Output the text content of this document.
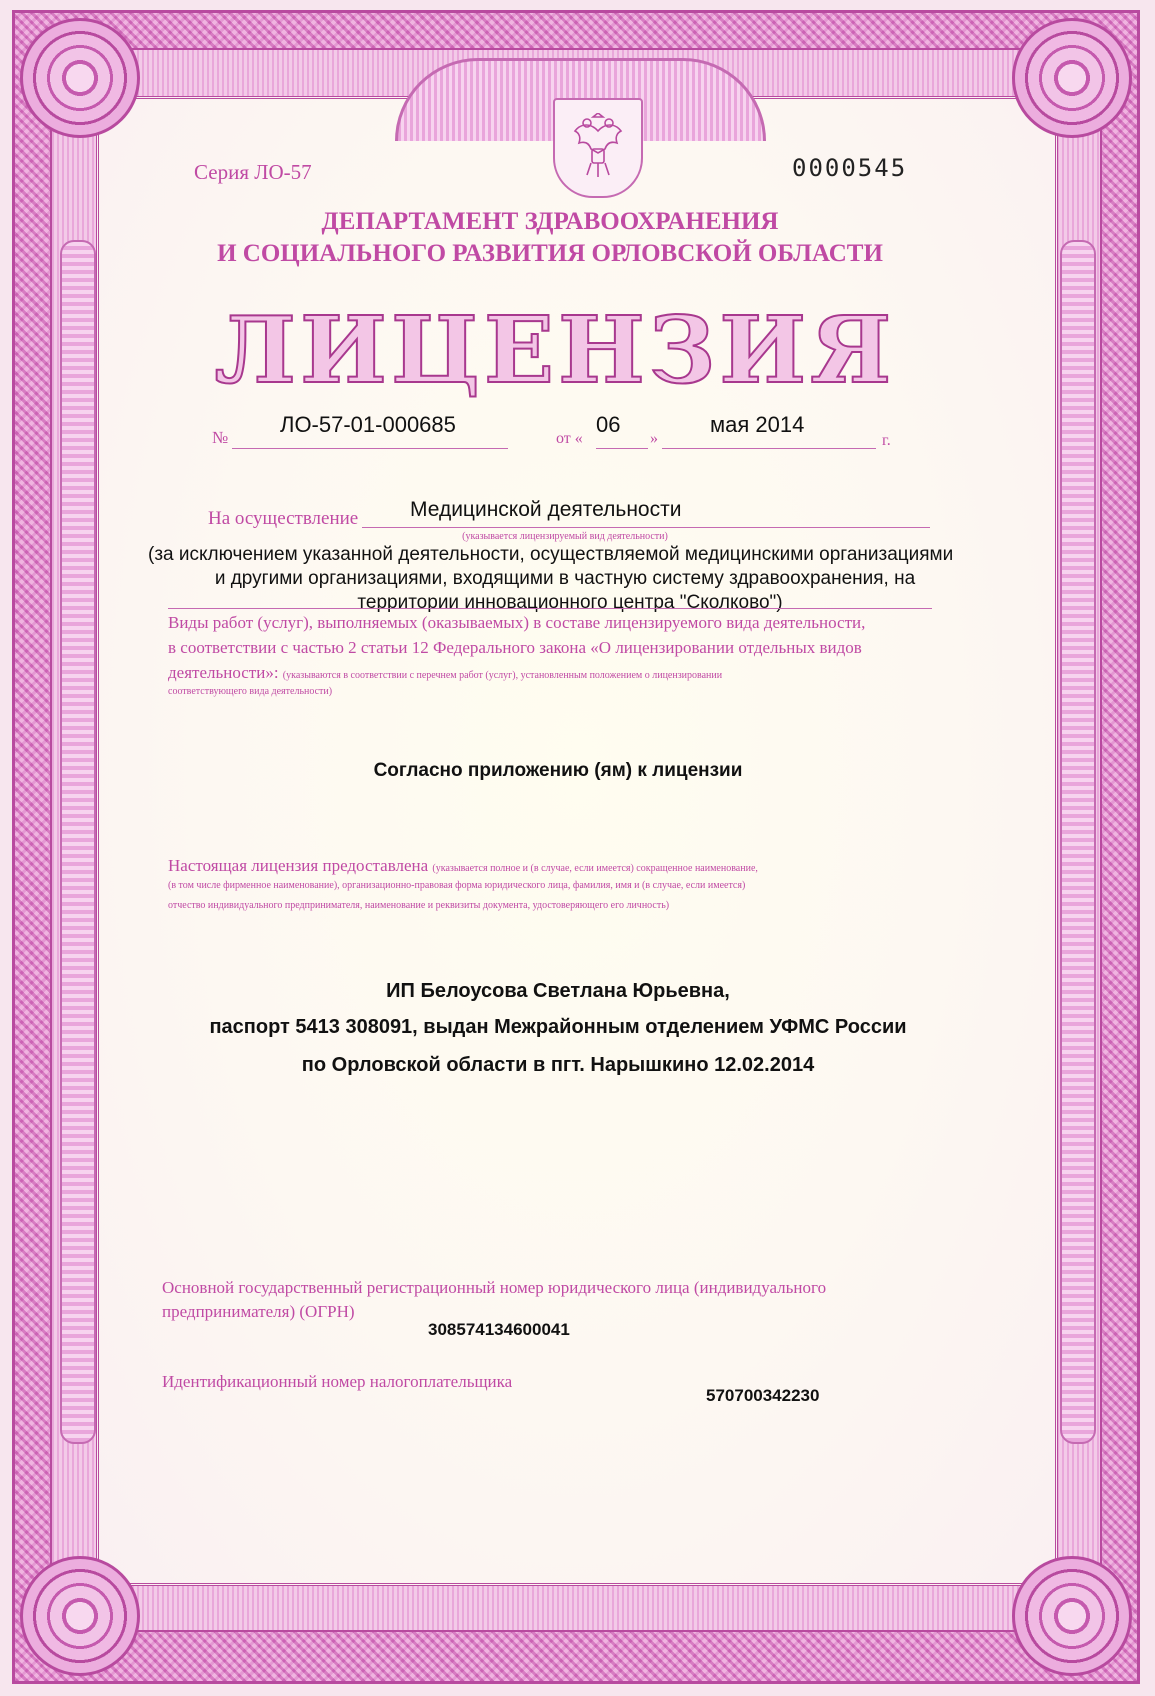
Серия ЛО-57	0000545
ДЕПАРТАМЕНТ ЗДРАВООХРАНЕНИЯ
И СОЦИАЛЬНОГО РАЗВИТИЯ ОРЛОВСКОЙ ОБЛАСТИ
ЛИЦЕНЗИЯ
№
ЛО-57-01-000685
от «
06
»
мая 2014
г.
На осуществление Медицинской деятельности
(указывается лицензируемый вид деятельности)
(за исключением указанной деятельности, осуществляемой медицинскими организациями
и другими организациями, входящими в частную систему здравоохранения, на
территории инновационного центра "Сколково")
Виды работ (услуг), выполняемых (оказываемых) в составе лицензируемого вида деятельности,
в соответствии с частью 2 статьи 12 Федерального закона «О лицензировании отдельных видов
деятельности»: (указываются в соответствии с перечнем работ (услуг), установленным положением о лицензировании
соответствующего вида деятельности)
Согласно приложению (ям) к лицензии
Настоящая лицензия предоставлена (указывается полное и (в случае, если имеется) сокращенное наименование,
(в том числе фирменное наименование), организационно-правовая форма юридического лица, фамилия, имя и (в случае, если имеется)
отчество индивидуального предпринимателя, наименование и реквизиты документа, удостоверяющего его личность)
ИП Белоусова Светлана Юрьевна,
паспорт 5413 308091, выдан Межрайонным отделением УФМС России
по Орловской области в пгт. Нарышкино 12.02.2014
Основной государственный регистрационный номер юридического лица (индивидуального
предпринимателя) (ОГРН)
308574134600041
Идентификационный номер налогоплательщика
570700342230
